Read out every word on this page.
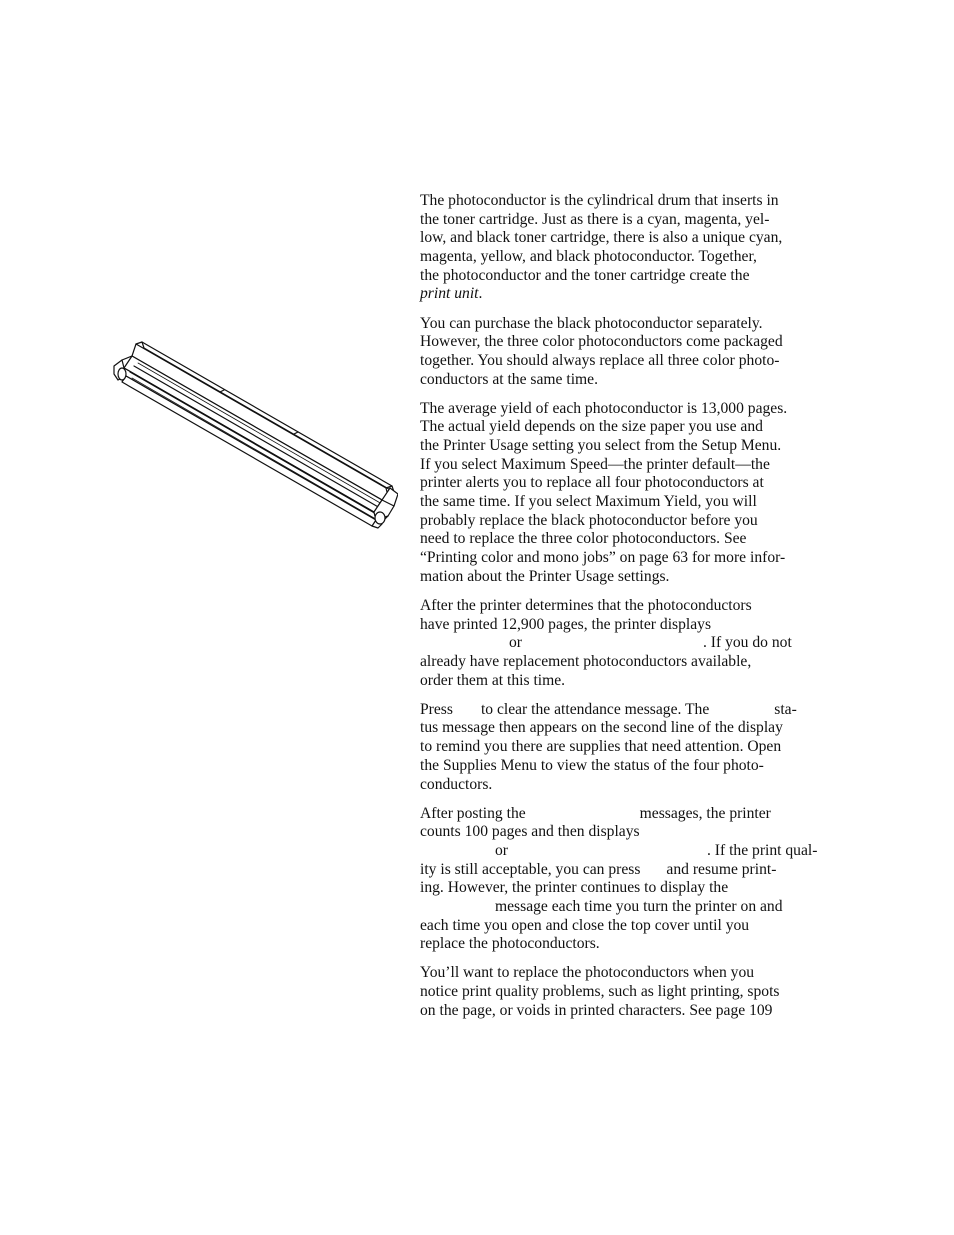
The photoconductor is the cylindrical drum that inserts in
the toner cartridge. Just as there is a cyan, magenta, yel-
low, and black toner cartridge, there is also a unique cyan,
magenta, yellow, and black photoconductor. Together,
the photoconductor and the toner cartridge create the
print unit.
You can purchase the black photoconductor separately.
However, the three color photoconductors come packaged
together. You should always replace all three color photo-
conductors at the same time.
The average yield of each photoconductor is 13,000 pages.
The actual yield depends on the size paper you use and
the Printer Usage setting you select from the Setup Menu.
If you select Maximum Speed—the printer default—the
printer alerts you to replace all four photoconductors at
the same time. If you select Maximum Yield, you will
probably replace the black photoconductor before you
need to replace the three color photoconductors. See
“Printing color and mono jobs” on page 63 for more infor-
mation about the Printer Usage settings.
After the printer determines that the photoconductors
have printed 12,900 pages, the printer displays
or	. If you do not
already have replacement photoconductors available,
order them at this time.
Press to clear the attendance message. The	sta-
tus message then appears on the second line of the display
to remind you there are supplies that need attention. Open
the Supplies Menu to view the status of the four photo-
conductors.
After posting the	messages, the printer
counts 100 pages and then displays
or	. If the print qual-
ity is still acceptable, you can press and resume print-
ing. However, the printer continues to display the
message each time you turn the printer on and
each time you open and close the top cover until you
replace the photoconductors.
You’ll want to replace the photoconductors when you
notice print quality problems, such as light printing, spots
on the page, or voids in printed characters. See page 109
